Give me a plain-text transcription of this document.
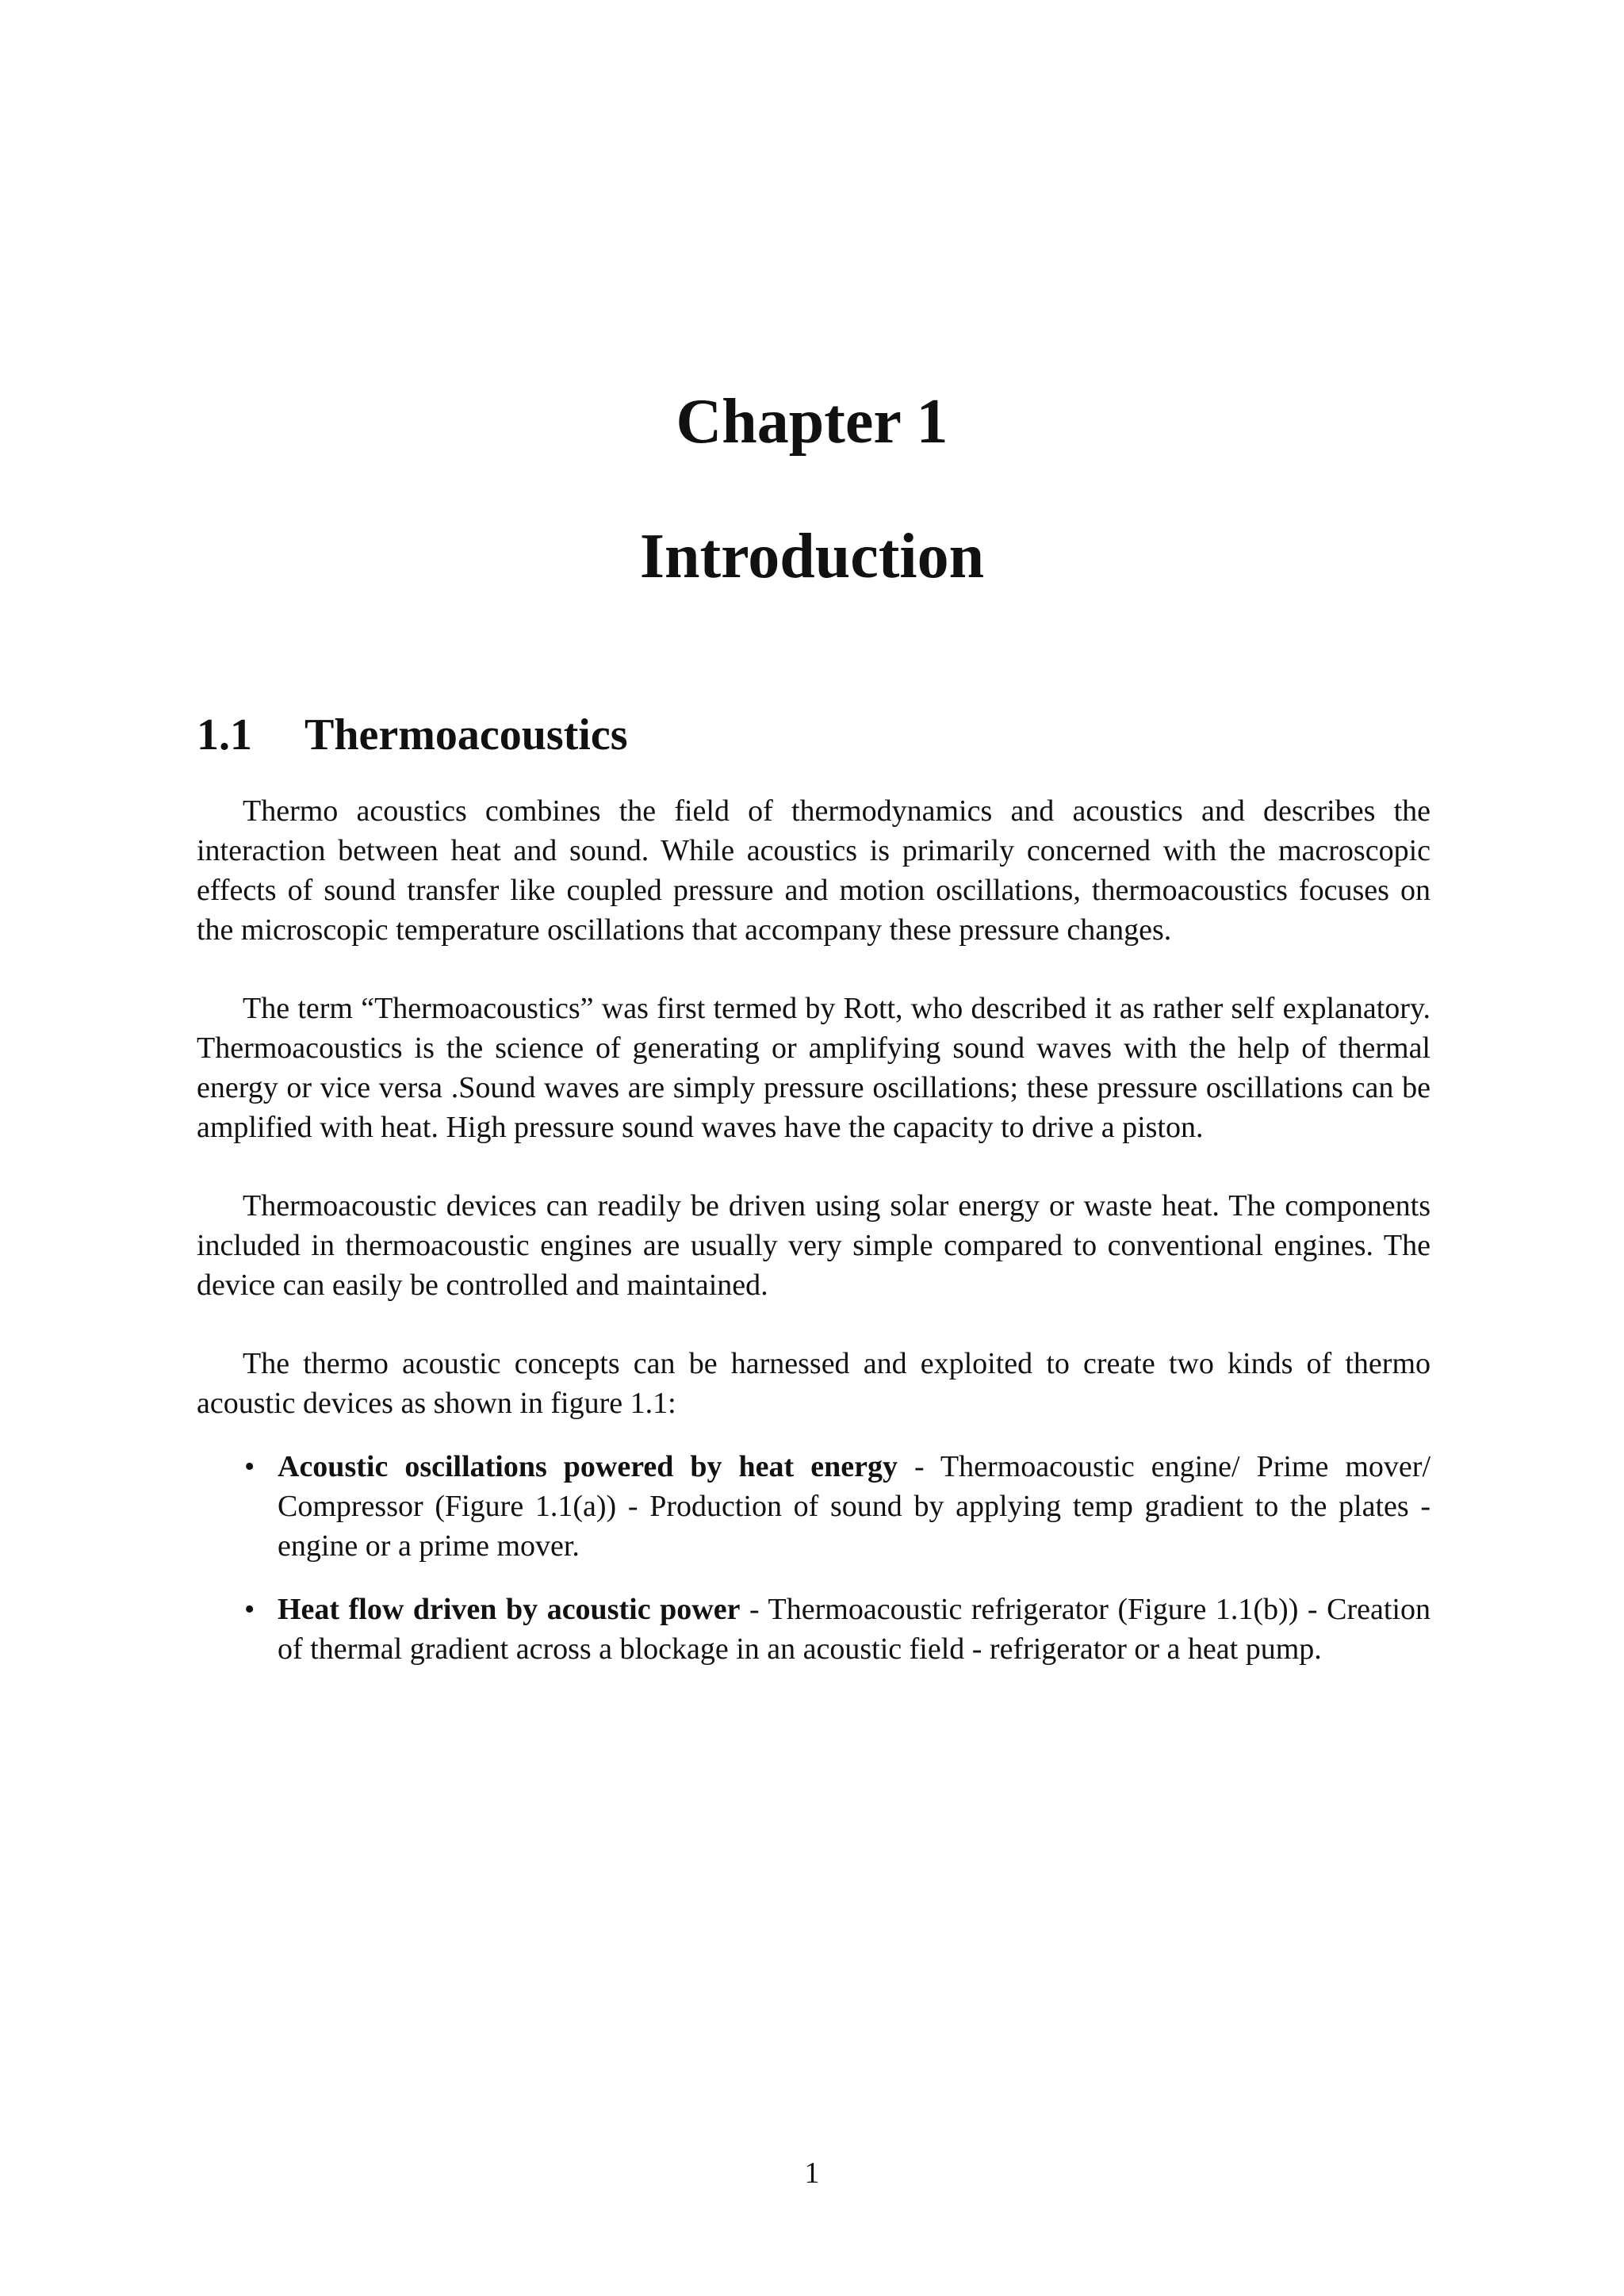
Chapter 1
Introduction
1.1 Thermoacoustics

Thermo acoustics combines the field of thermodynamics and acoustics and describes the interaction between heat and sound. While acoustics is primarily concerned with the macroscopic effects of sound transfer like coupled pressure and motion oscillations, thermoacoustics focuses on the microscopic temperature oscillations that accompany these pressure changes.

The term “Thermoacoustics” was first termed by Rott, who described it as rather self explanatory. Thermoacoustics is the science of generating or amplifying sound waves with the help of thermal energy or vice versa .Sound waves are simply pressure oscillations; these pressure oscillations can be amplified with heat. High pressure sound waves have the capacity to drive a piston.

Thermoacoustic devices can readily be driven using solar energy or waste heat. The components included in thermoacoustic engines are usually very simple compared to conventional engines. The device can easily be controlled and maintained.

The thermo acoustic concepts can be harnessed and exploited to create two kinds of thermo acoustic devices as shown in figure 1.1:

• Acoustic oscillations powered by heat energy - Thermoacoustic engine/ Prime mover/ Compressor (Figure 1.1(a)) - Production of sound by applying temp gradient to the plates - engine or a prime mover.
• Heat flow driven by acoustic power - Thermoacoustic refrigerator (Figure 1.1(b)) - Creation of thermal gradient across a blockage in an acoustic field - refrigerator or a heat pump.
1
